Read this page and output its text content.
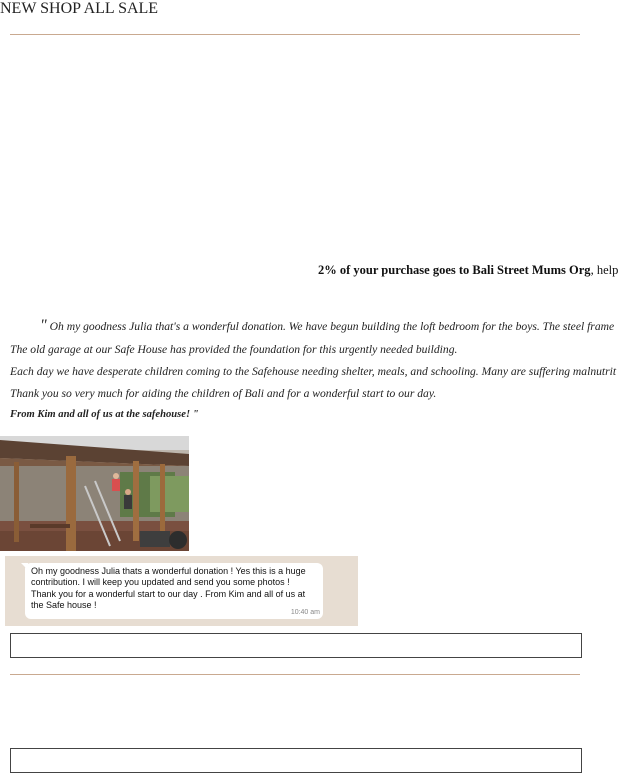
NEW SHOP ALL SALE
2% of your purchase goes to Bali Street Mums Org, help
" Oh my goodness Julia that's a wonderful donation. We have begun building the loft bedroom for the boys. The steel frame
The old garage at our Safe House has provided the foundation for this urgently needed building.
Each day we have desperate children coming to the Safehouse needing shelter, meals, and schooling. Many are suffering malnutrit
Thank you so very much for aiding the children of Bali and for a wonderful start to our day.
From Kim and all of us at the safehouse! "
Oh my goodness Julia thats a wonderful donation ! Yes this is a huge contribution. I will keep you updated and send you some photos ! Thank you for a wonderful start to our day . From Kim and all of us at the Safe house !
10:40 am
